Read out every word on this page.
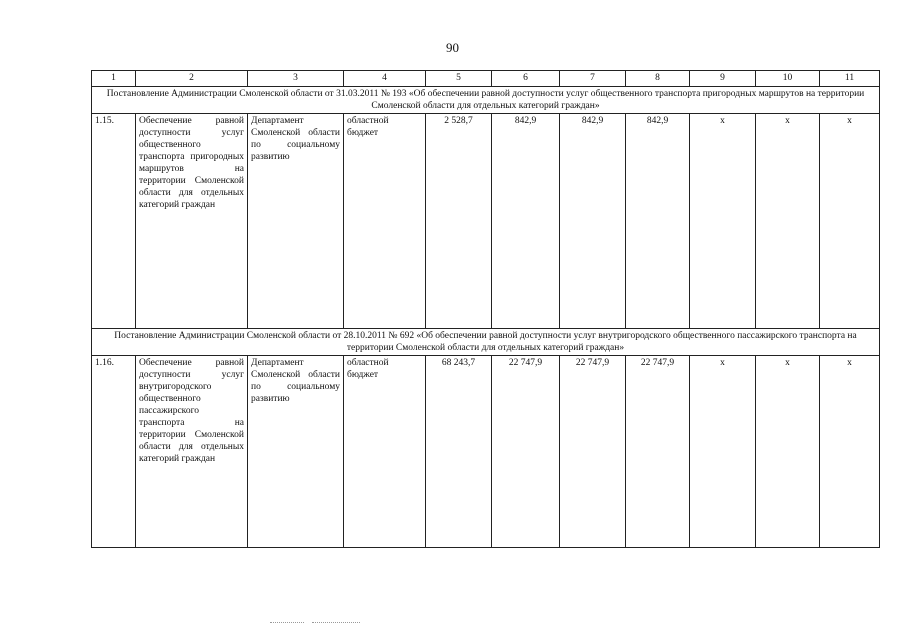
90
1	2	3	4	5	6	7	8	9	10	11
Постановление Администрации Смоленской области от 31.03.2011 № 193 «Об обеспечении равной доступности услуг общественного транспорта пригородных маршрутов на территории Смоленской области для отдельных категорий граждан»										
1.15.	Обеспечение равной доступности услуг общественного транспорта пригородных маршрутов на территории Смоленской области для отдельных категорий граждан	Департамент Смоленской области по социальному развитию	областной бюджет	2 528,7	842,9	842,9	842,9	х	х	х
Постановление Администрации Смоленской области от 28.10.2011 № 692 «Об обеспечении равной доступности услуг внутригородского общественного пассажирского транспорта на территории Смоленской области для отдельных категорий граждан»										
1.16.	Обеспечение равной доступности услуг внутригородского общественного пассажирского транспорта на территории Смоленской области для отдельных категорий граждан	Департамент Смоленской области по социальному развитию	областной бюджет	68 243,7	22 747,9	22 747,9	22 747,9	х	х	х
